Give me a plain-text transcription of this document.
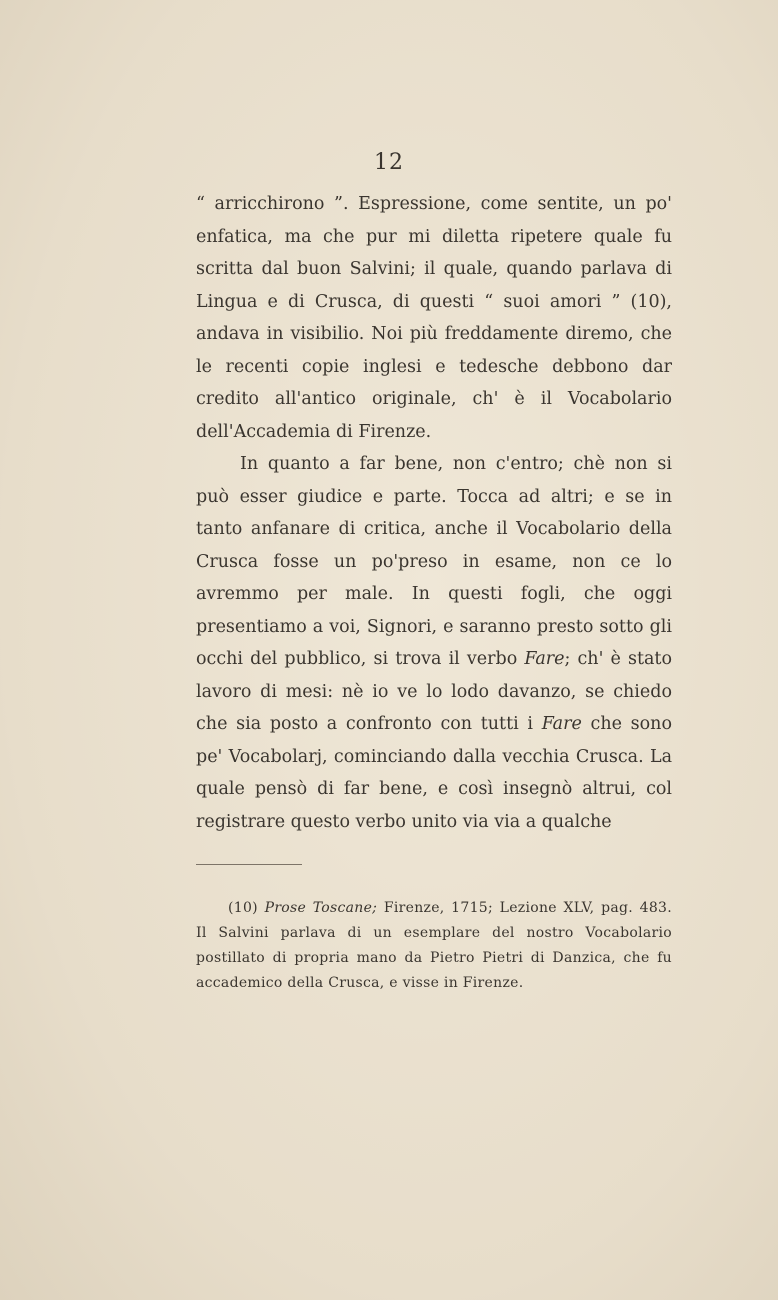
12

“ arricchirono ”. Espressione, come sentite, un po' enfatica, ma che pur mi diletta ripetere quale fu scritta dal buon Salvini; il quale, quando parlava di Lingua e di Crusca, di questi “ suoi amori ” (10), andava in visibilio. Noi più freddamente diremo, che le recenti copie inglesi e tedesche debbono dar credito all'antico originale, ch' è il Vocabolario dell'Accademia di Firenze.

In quanto a far bene, non c'entro; chè non si può esser giudice e parte. Tocca ad altri; e se in tanto anfanare di critica, anche il Vocabolario della Crusca fosse un po'preso in esame, non ce lo avremmo per male. In questi fogli, che oggi presentiamo a voi, Signori, e saranno presto sotto gli occhi del pubblico, si trova il verbo Fare; ch' è stato lavoro di mesi: nè io ve lo lodo davanzo, se chiedo che sia posto a confronto con tutti i Fare che sono pe' Vocabolarj, cominciando dalla vecchia Crusca. La quale pensò di far bene, e così insegnò altrui, col registrare questo verbo unito via via a qualche

(10) Prose Toscane; Firenze, 1715; Lezione XLV, pag. 483. Il Salvini parlava di un esemplare del nostro Vocabolario postillato di propria mano da Pietro Pietri di Danzica, che fu accademico della Crusca, e visse in Firenze.
